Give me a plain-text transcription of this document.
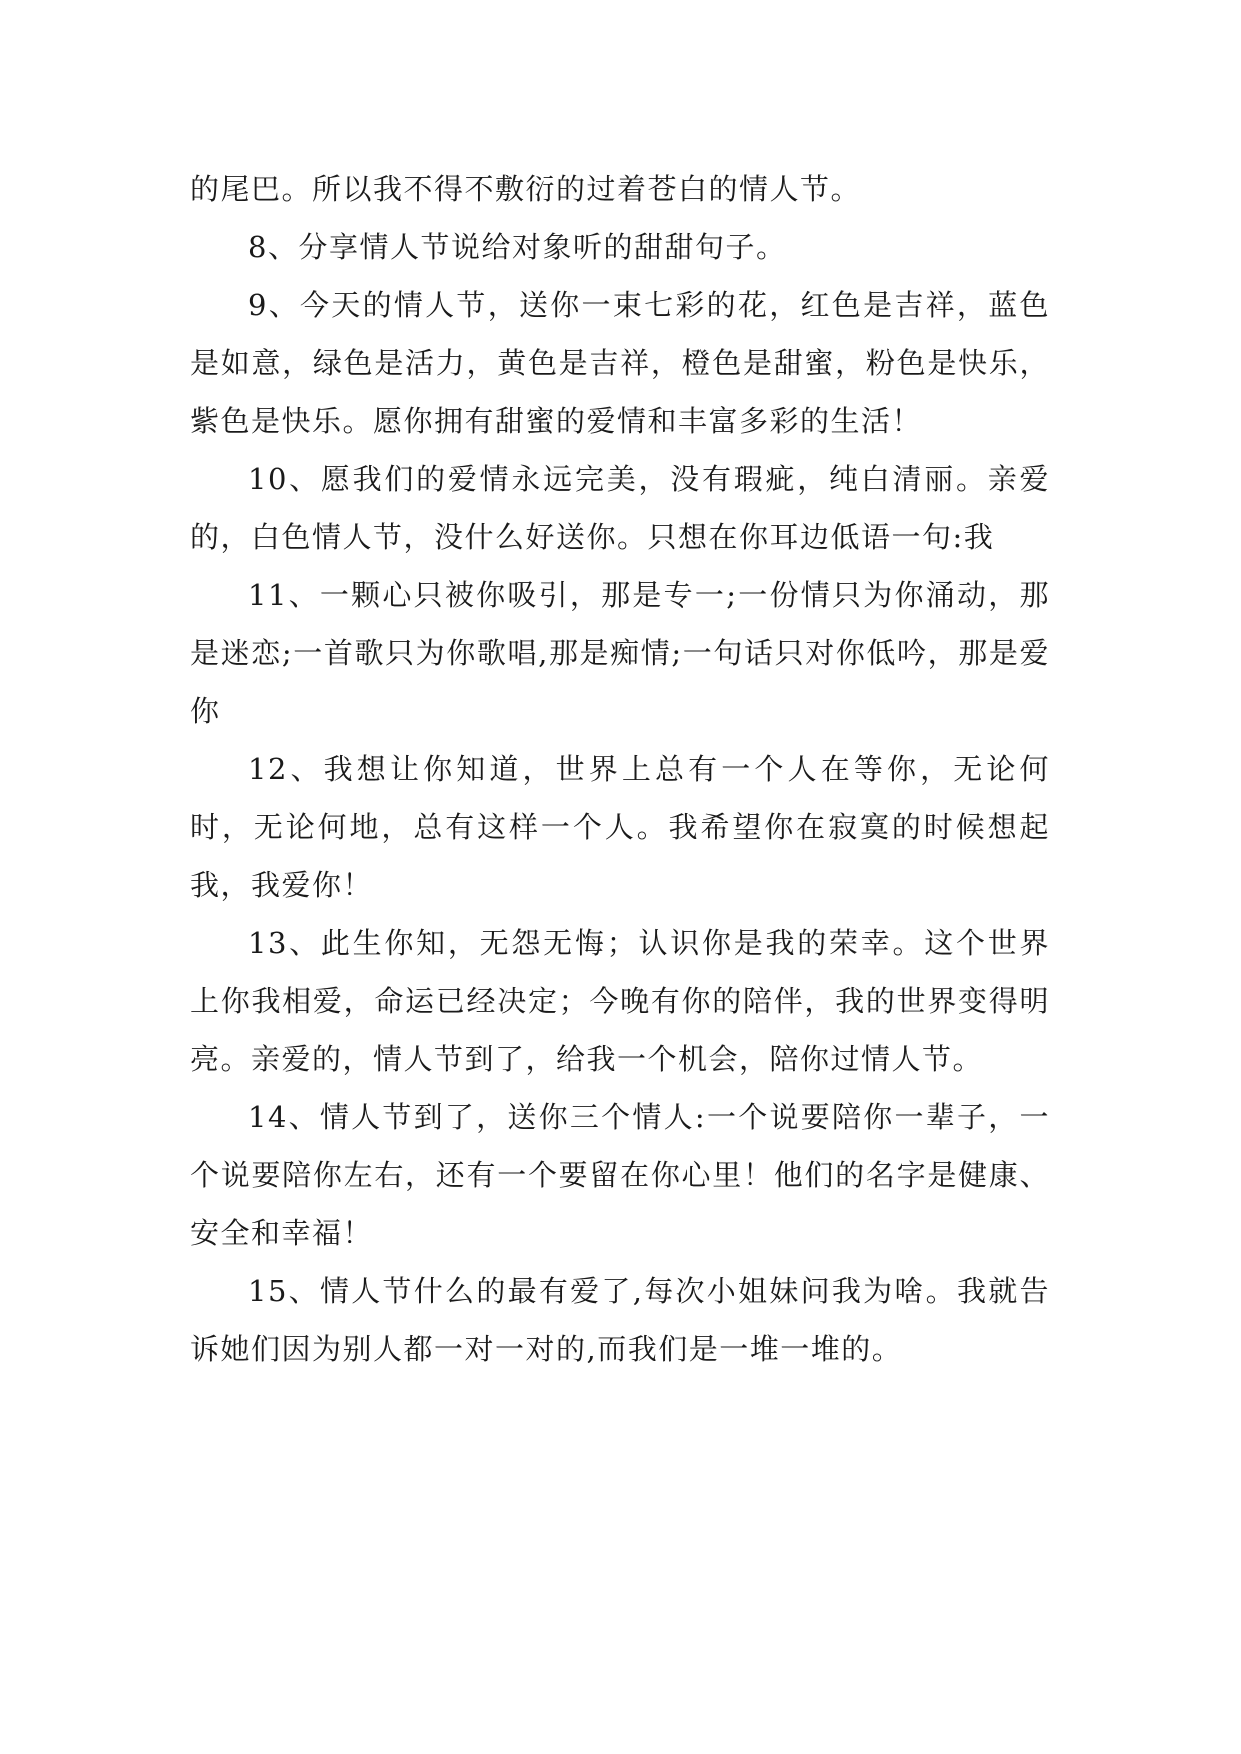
的尾巴。所以我不得不敷衍的过着苍白的情人节。

8、分享情人节说给对象听的甜甜句子。

9、今天的情人节，送你一束七彩的花，红色是吉祥，蓝色是如意，绿色是活力，黄色是吉祥，橙色是甜蜜，粉色是快乐，紫色是快乐。愿你拥有甜蜜的爱情和丰富多彩的生活！

10、愿我们的爱情永远完美，没有瑕疵，纯白清丽。亲爱的，白色情人节，没什么好送你。只想在你耳边低语一句:我

11、一颗心只被你吸引，那是专一;一份情只为你涌动，那是迷恋;一首歌只为你歌唱,那是痴情;一句话只对你低吟，那是爱你

12、我想让你知道，世界上总有一个人在等你，无论何时，无论何地，总有这样一个人。我希望你在寂寞的时候想起我，我爱你！

13、此生你知，无怨无悔；认识你是我的荣幸。这个世界上你我相爱，命运已经决定；今晚有你的陪伴，我的世界变得明亮。亲爱的，情人节到了，给我一个机会，陪你过情人节。

14、情人节到了，送你三个情人:一个说要陪你一辈子，一个说要陪你左右，还有一个要留在你心里！他们的名字是健康、安全和幸福！

15、情人节什么的最有爱了,每次小姐妹问我为啥。我就告诉她们因为别人都一对一对的,而我们是一堆一堆的。
